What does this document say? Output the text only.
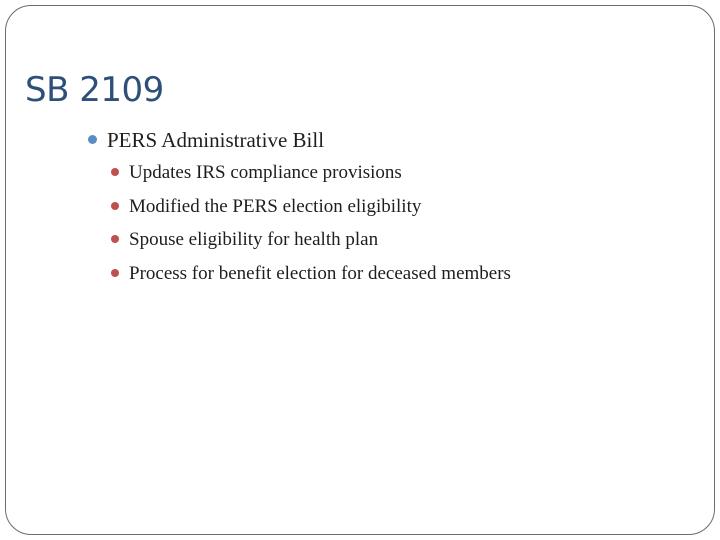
SB 2109
PERS Administrative Bill
Updates IRS compliance provisions
Modified the PERS election eligibility
Spouse eligibility for health plan
Process for benefit election for deceased members
